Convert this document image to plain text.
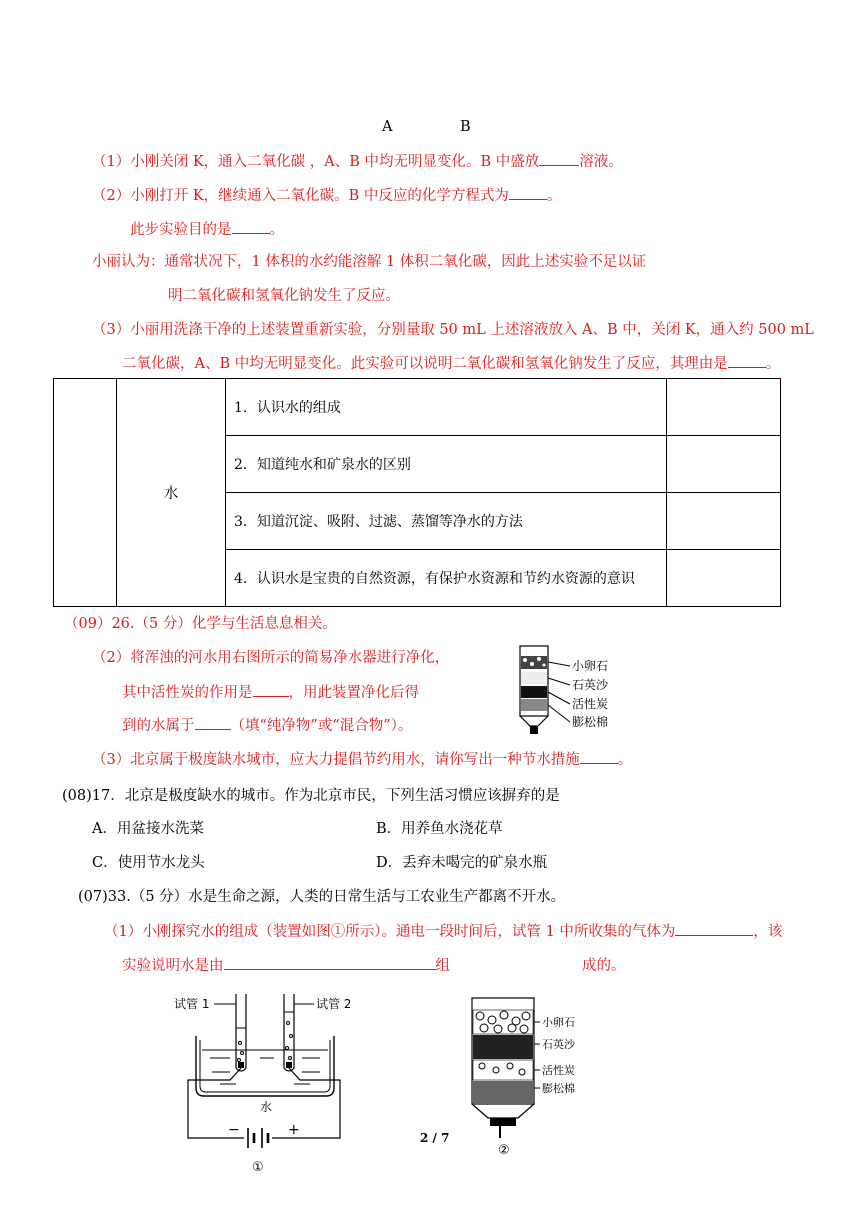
A	B
（1）小刚关闭 K，通入二氧化碳 ，A、B 中均无明显变化。B 中盛放	溶液。
（2）小刚打开 K，继续通入二氧化碳。B 中反应的化学方程式为	。
此步实验目的是	。
小丽认为：通常状况下，1 体积的水约能溶解 1 体积二氧化碳，因此上述实验不足以证
明二氧化碳和氢氧化钠发生了反应。
（3）小丽用洗涤干净的上述装置重新实验，分别量取 50 mL 上述溶液放入 A、B 中，关闭 K，通入约 500 mL
二氧化碳，A、B 中均无明显变化。此实验可以说明二氧化碳和氢氧化钠发生了反应，其理由是	。
	水	1．认识水的组成	
		2．知道纯水和矿泉水的区别	
		3．知道沉淀、吸附、过滤、蒸馏等净水的方法	
		4．认识水是宝贵的自然资源，有保护水资源和节约水资源的意识	
（09）26.（5 分）化学与生活息息相关。
（2）将浑浊的河水用右图所示的简易净水器进行净化，
其中活性炭的作用是 ，用此装置净化后得
到的水属于 （填“纯净物”或“混合物”）。
（3）北京属于极度缺水城市，应大力提倡节约用水，请你写出一种节水措施	。
小卵石
石英沙
活性炭
膨松棉
(08)17．北京是极度缺水的城市。作为北京市民，下列生活习惯应该摒弃的是
A．用盆接水洗菜	B．用养鱼水浇花草
C．使用节水龙头	D．丢弃未喝完的矿泉水瓶
(07)33.（5 分）水是生命之源，人类的日常生活与工农业生产都离不开水。
（1）小刚探究水的组成（装置如图①所示）。通电一段时间后，试管 1 中所收集的气体为	，该
实验说明水是由	组	成的。
试管 1	试管 2
水
−	+
①
小卵石
石英沙
活性炭
膨松棉
②
2 / 7
